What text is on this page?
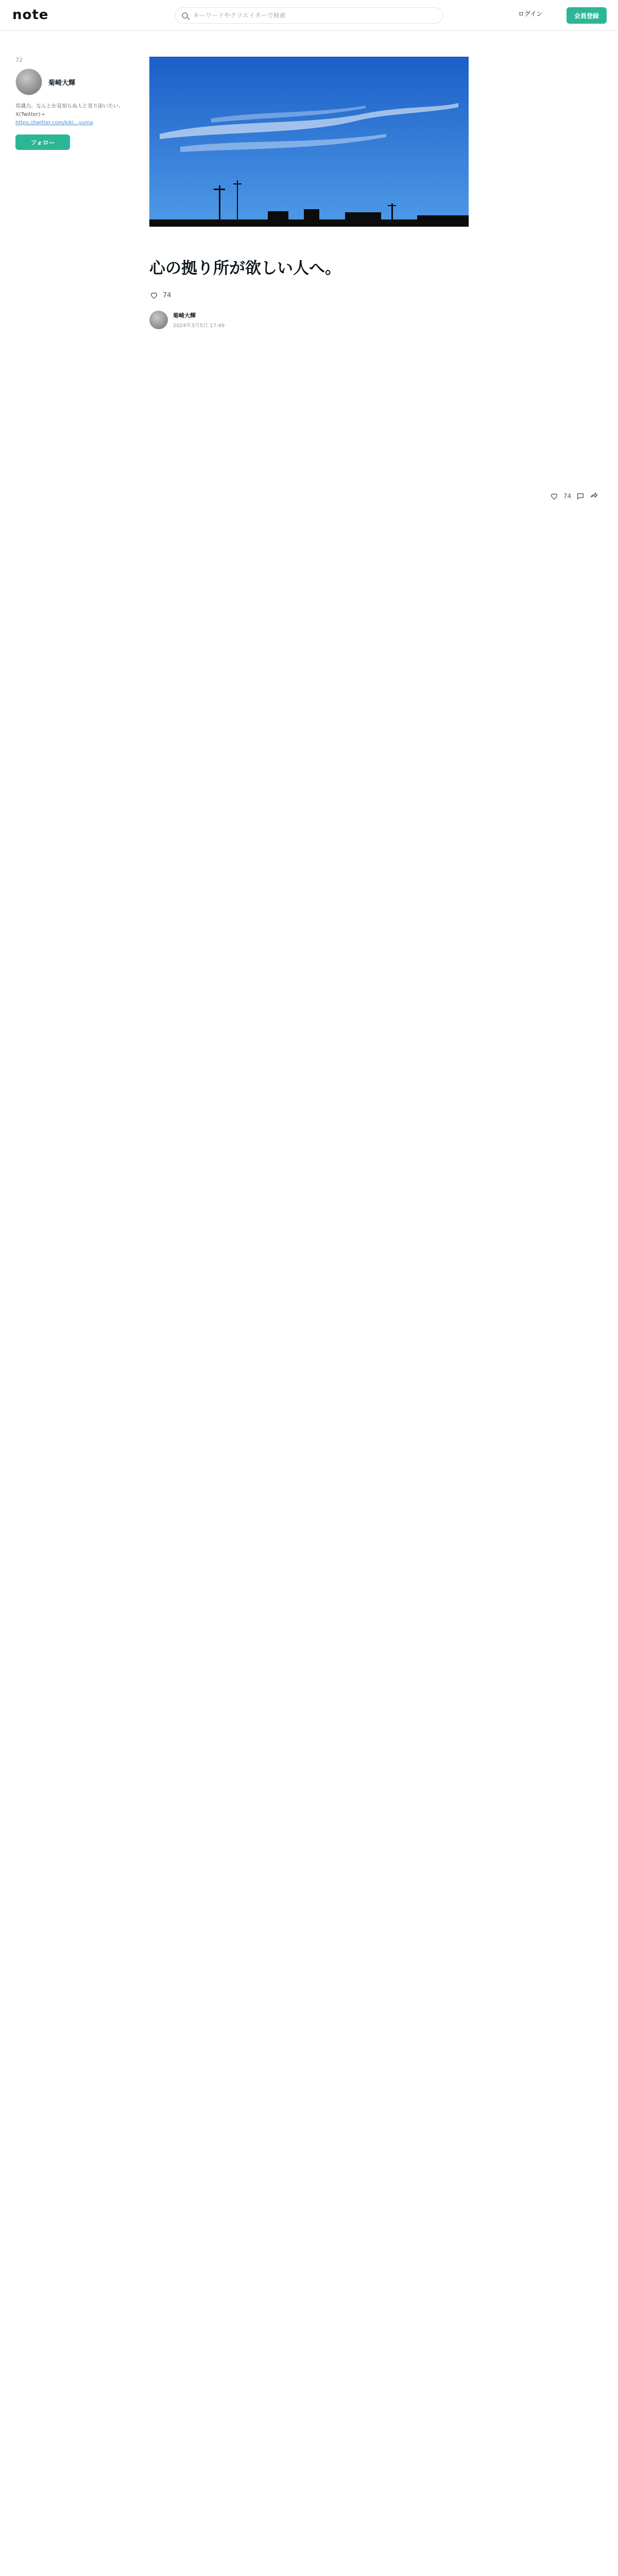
note
キーワードやクリエイターで検索	ログイン	会員登録
72
菊崎大輝
常識力。なんとか見知らぬ人と寄り添いたい。 X(Twitter)→
https://twitter.com/kiki...yuma
フォロー
74
心の拠り所が欲しい人へ。
74
菊崎大輝
2024年3月5日 17:49
